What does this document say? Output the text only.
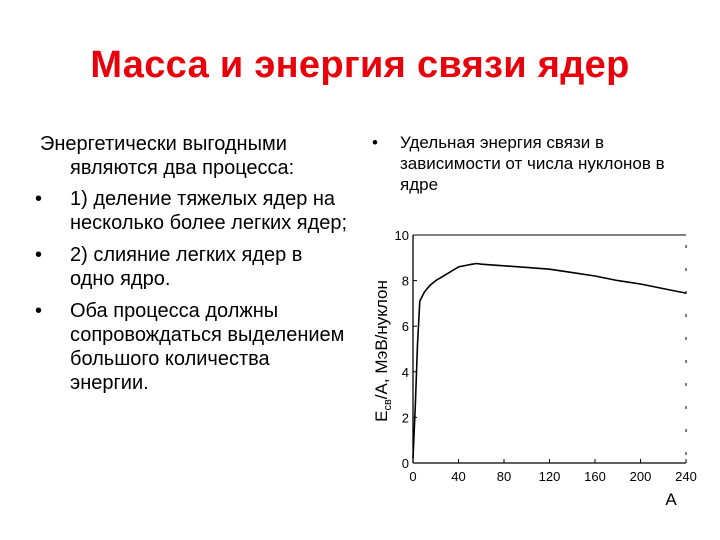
Масса и энергия связи ядер

Энергетически выгодными являются два процесса:

• 1) деление тяжелых ядер на несколько более легких ядер;
• 2) слияние легких ядер в одно ядро.
• Оба процесса должны сопровождаться выделением большого количества энергии.
• Удельная энергия связи в зависимости от числа нуклонов в ядре
0
2
4
6
8
10
0	40 80 120 160 200 240
$E_{св}/A$, МэВ/нуклон
A
